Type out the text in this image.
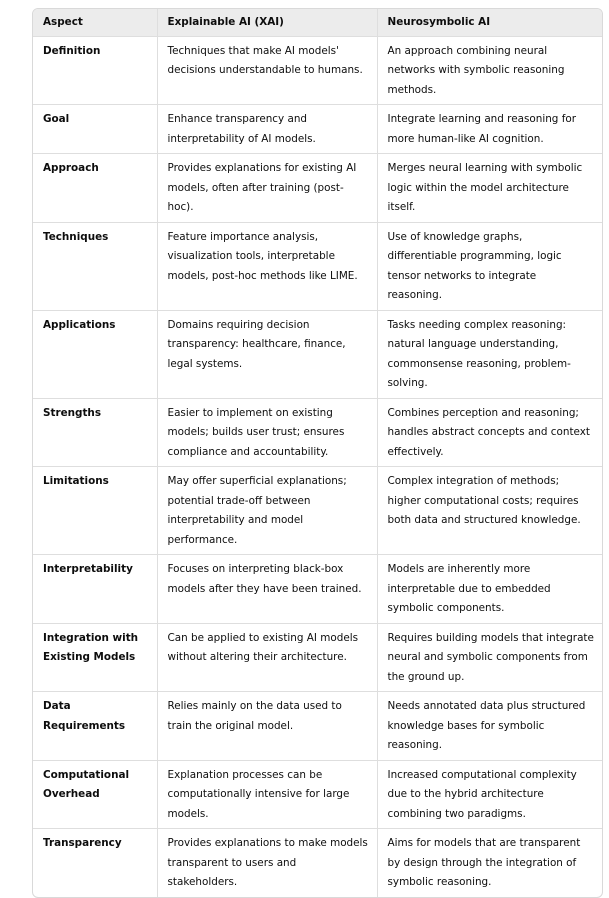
Aspect	Explainable AI (XAI)	Neurosymbolic AI
Definition	Techniques that make AI models' decisions understandable to humans.	An approach combining neural networks with symbolic reasoning methods.
Goal	Enhance transparency and interpretability of AI models.	Integrate learning and reasoning for more human-like AI cognition.
Approach	Provides explanations for existing AI models, often after training (post-hoc).	Merges neural learning with symbolic logic within the model architecture itself.
Techniques	Feature importance analysis, visualization tools, interpretable models, post-hoc methods like LIME.	Use of knowledge graphs, differentiable programming, logic tensor networks to integrate reasoning.
Applications	Domains requiring decision transparency: healthcare, finance, legal systems.	Tasks needing complex reasoning: natural language understanding, commonsense reasoning, problem-solving.
Strengths	Easier to implement on existing models; builds user trust; ensures compliance and accountability.	Combines perception and reasoning; handles abstract concepts and context effectively.
Limitations	May offer superficial explanations; potential trade-off between interpretability and model performance.	Complex integration of methods; higher computational costs; requires both data and structured knowledge.
Interpretability	Focuses on interpreting black-box models after they have been trained.	Models are inherently more interpretable due to embedded symbolic components.
Integration with Existing Models	Can be applied to existing AI models without altering their architecture.	Requires building models that integrate neural and symbolic components from the ground up.
Data Requirements	Relies mainly on the data used to train the original model.	Needs annotated data plus structured knowledge bases for symbolic reasoning.
Computational Overhead	Explanation processes can be computationally intensive for large models.	Increased computational complexity due to the hybrid architecture combining two paradigms.
Transparency	Provides explanations to make models transparent to users and stakeholders.	Aims for models that are transparent by design through the integration of symbolic reasoning.
